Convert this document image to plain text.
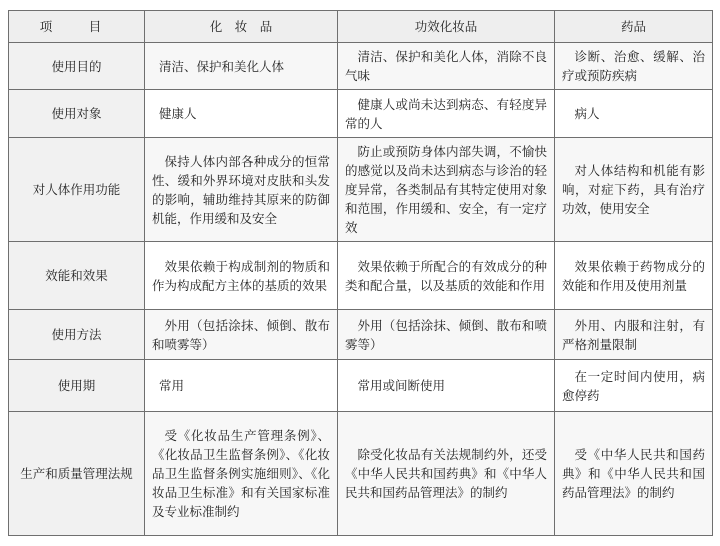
项　目	化　妆　品	功效化妆品	药品
使用目的	清洁、保护和美化人体	清洁、保护和美化人体，消除不良气味	诊断、治愈、缓解、治疗或预防疾病
使用对象	健康人	健康人或尚未达到病态、有轻度异常的人	病人
对人体作用功能	保持人体内部各种成分的恒常性、缓和外界环境对皮肤和头发的影响，辅助维持其原来的防御机能，作用缓和及安全	防止或预防身体内部失调，不愉快的感觉以及尚未达到病态与诊治的轻度异常，各类制品有其特定使用对象和范围，作用缓和、安全，有一定疗效	对人体结构和机能有影响，对症下药，具有治疗功效，使用安全
效能和效果	效果依赖于构成制剂的物质和作为构成配方主体的基质的效果	效果依赖于所配合的有效成分的种类和配合量，以及基质的效能和作用	效果依赖于药物成分的效能和作用及使用剂量
使用方法	外用（包括涂抹、倾倒、散布和喷雾等）	外用（包括涂抹、倾倒、散布和喷雾等）	外用、内服和注射，有严格剂量限制
使用期	常用	常用或间断使用	在一定时间内使用，病愈停药
生产和质量管理法规	受《化妆品生产管理条例》、《化妆品卫生监督条例》、《化妆品卫生监督条例实施细则》、《化妆品卫生标准》和有关国家标准及专业标准制约	除受化妆品有关法规制约外，还受《中华人民共和国药典》和《中华人民共和国药品管理法》的制约	受《中华人民共和国药典》和《中华人民共和国药品管理法》的制约
